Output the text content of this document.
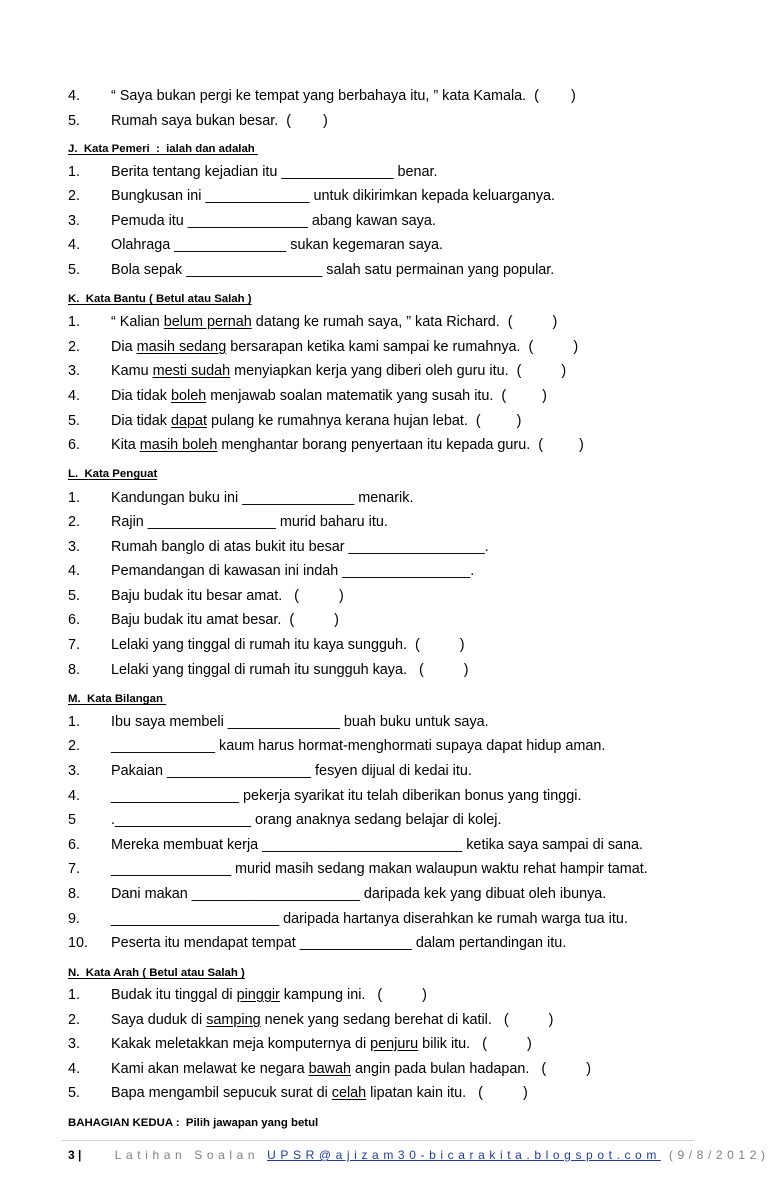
4.

“ Saya bukan pergi ke tempat yang berbahaya itu, ” kata Kamala.  (        )

5.

Rumah saya bukan besar.  (        )

J.  Kata Pemeri  :  ialah dan adalah

1.

Berita tentang kejadian itu ______________ benar.

2.

Bungkusan ini _____________ untuk dikirimkan kepada keluarganya.

3.

Pemuda itu _______________ abang kawan saya.

4.

Olahraga ______________ sukan kegemaran saya.

5.

Bola sepak _________________ salah satu permainan yang popular.

K.  Kata Bantu ( Betul atau Salah )

1.

“ Kalian belum pernah datang ke rumah saya, ” kata Richard.  (          )

2.

Dia masih sedang bersarapan ketika kami sampai ke rumahnya.  (          )

3.

Kamu mesti sudah menyiapkan kerja yang diberi oleh guru itu.  (          )

4.

Dia tidak boleh menjawab soalan matematik yang susah itu.  (         )

5.

Dia tidak dapat pulang ke rumahnya kerana hujan lebat.  (         )

6.

Kita masih boleh menghantar borang penyertaan itu kepada guru.  (         )

L.  Kata Penguat

1.

Kandungan buku ini ______________ menarik.

2.

Rajin ________________ murid baharu itu.

3.

Rumah banglo di atas bukit itu besar _________________.

4.

Pemandangan di kawasan ini indah ________________.

5.

Baju budak itu besar amat.   (          )

6.

Baju budak itu amat besar.  (          )

7.

Lelaki yang tinggal di rumah itu kaya sungguh.  (          )

8.

Lelaki yang tinggal di rumah itu sungguh kaya.   (          )

M.  Kata Bilangan

1.

Ibu saya membeli ______________ buah buku untuk saya.

2.

_____________ kaum harus hormat-menghormati supaya dapat hidup aman.

3.

Pakaian __________________ fesyen dijual di kedai itu.

4.

________________ pekerja syarikat itu telah diberikan bonus yang tinggi.

5

._________________ orang anaknya sedang belajar di kolej.

6.

Mereka membuat kerja _________________________ ketika saya sampai di sana.

7.

_______________ murid masih sedang makan walaupun waktu rehat hampir tamat.

8.

Dani makan _____________________ daripada kek yang dibuat oleh ibunya.

9.

_____________________ daripada hartanya diserahkan ke rumah warga tua itu.

10.

Peserta itu mendapat tempat ______________ dalam pertandingan itu.

N.  Kata Arah ( Betul atau Salah )

1.

Budak itu tinggal di pinggir kampung ini.   (          )

2.

Saya duduk di samping nenek yang sedang berehat di katil.   (          )

3.

Kakak meletakkan meja komputernya di penjuru bilik itu.   (          )

4.

Kami akan melawat ke negara bawah angin pada bulan hadapan.   (          )

5.

Bapa mengambil sepucuk surat di celah lipatan kain itu.   (          )

BAHAGIAN KEDUA :  Pilih jawapan yang betul
3 |	Latihan Soalan UPSR@ajizam30-bicarakita.blogspot.com (9/8/2012)
